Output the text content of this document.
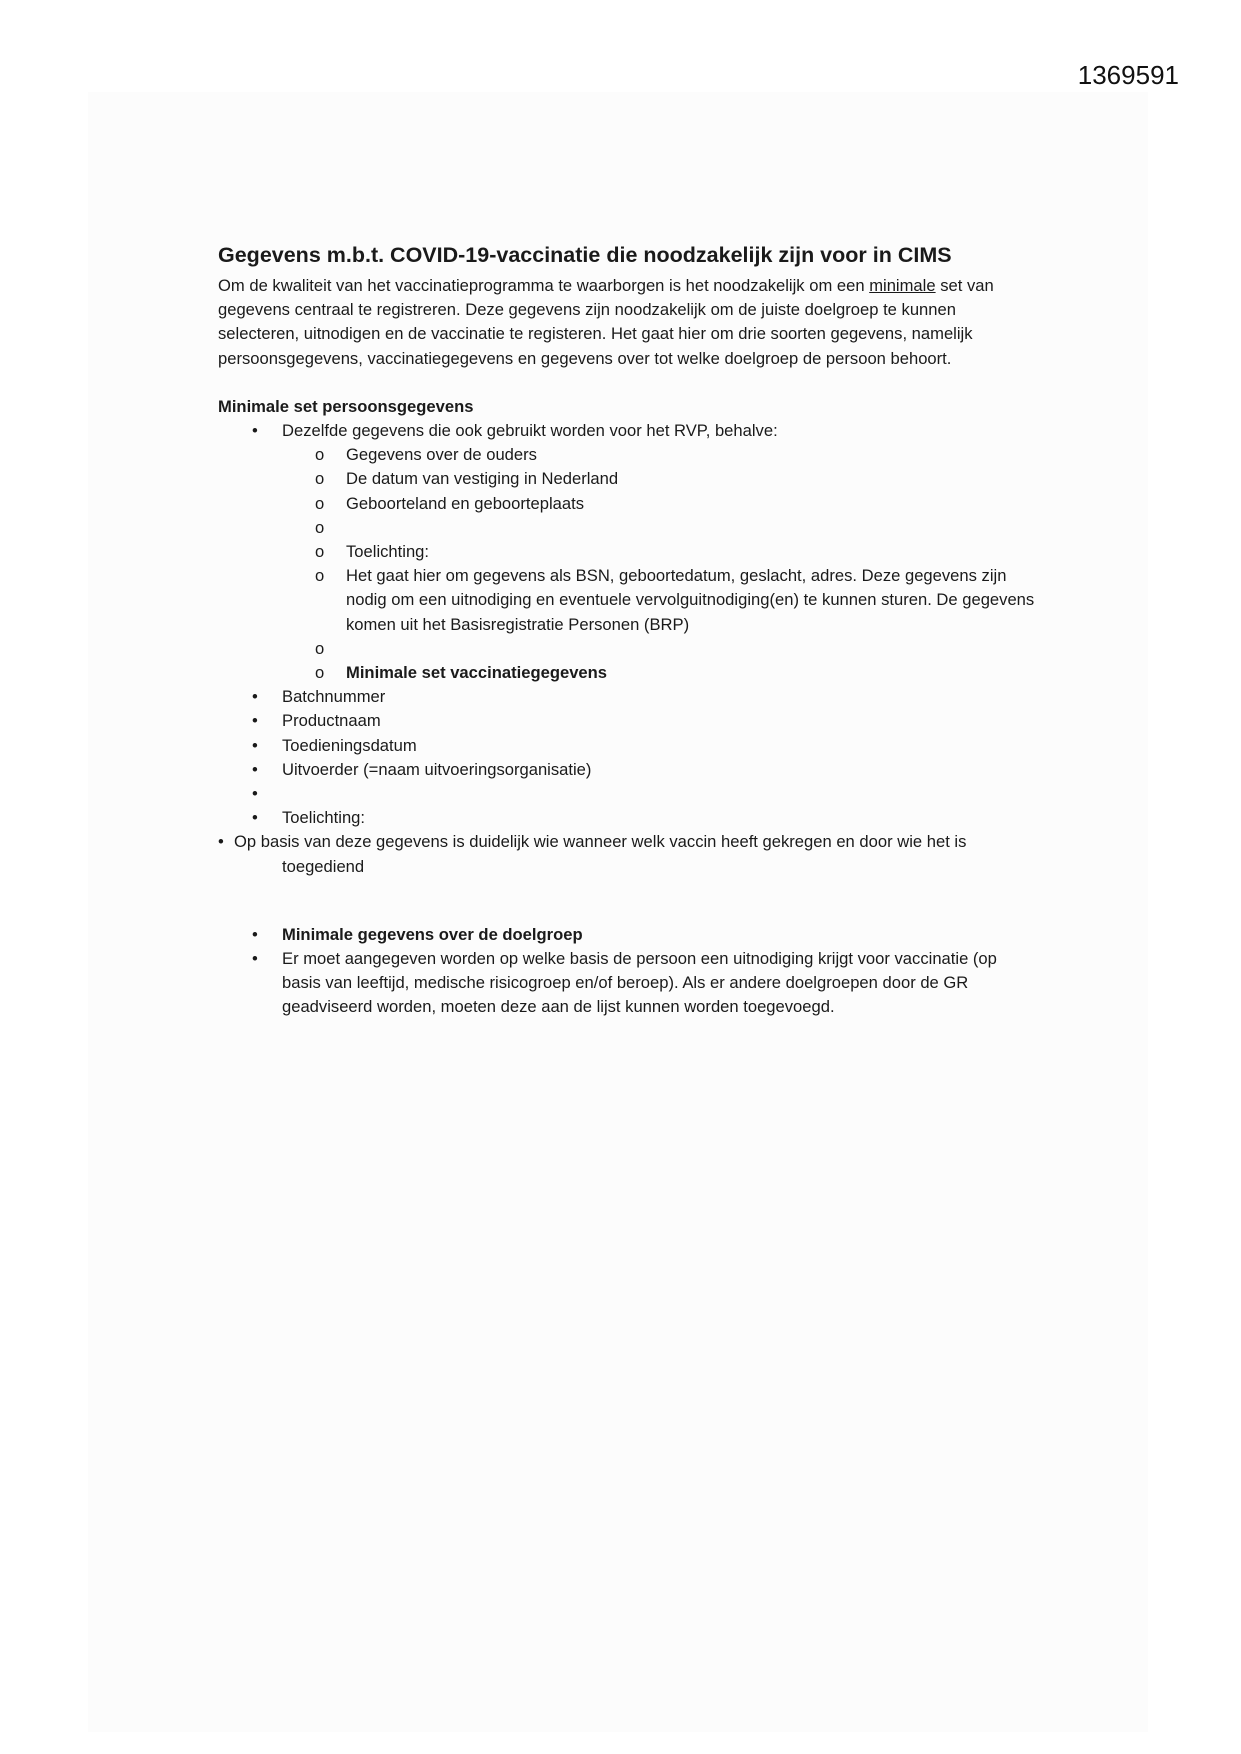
1369591
Gegevens m.b.t. COVID-19-vaccinatie die noodzakelijk zijn voor in CIMS

Om de kwaliteit van het vaccinatieprogramma te waarborgen is het noodzakelijk om een minimale set van gegevens centraal te registreren. Deze gegevens zijn noodzakelijk om de juiste doelgroep te kunnen selecteren, uitnodigen en de vaccinatie te registeren. Het gaat hier om drie soorten gegevens, namelijk persoonsgegevens, vaccinatiegegevens en gegevens over tot welke doelgroep de persoon behoort.

Minimale set persoonsgegevens
• Dezelfde gegevens die ook gebruikt worden voor het RVP, behalve:
o Gegevens over de ouders
o De datum van vestiging in Nederland
o Geboorteland en geboorteplaats
o
o Toelichting:
o Het gaat hier om gegevens als BSN, geboortedatum, geslacht, adres. Deze gegevens zijn nodig om een uitnodiging en eventuele vervolguitnodiging(en) te kunnen sturen. De gegevens komen uit het Basisregistratie Personen (BRP)
o
o Minimale set vaccinatiegegevens
• Batchnummer
• Productnaam
• Toedieningsdatum
• Uitvoerder (=naam uitvoeringsorganisatie)
•
• Toelichting:
• Op basis van deze gegevens is duidelijk wie wanneer welk vaccin heeft gekregen en door wie het is toegediend
• Minimale gegevens over de doelgroep
• Er moet aangegeven worden op welke basis de persoon een uitnodiging krijgt voor vaccinatie (op basis van leeftijd, medische risicogroep en/of beroep). Als er andere doelgroepen door de GR geadviseerd worden, moeten deze aan de lijst kunnen worden toegevoegd.
